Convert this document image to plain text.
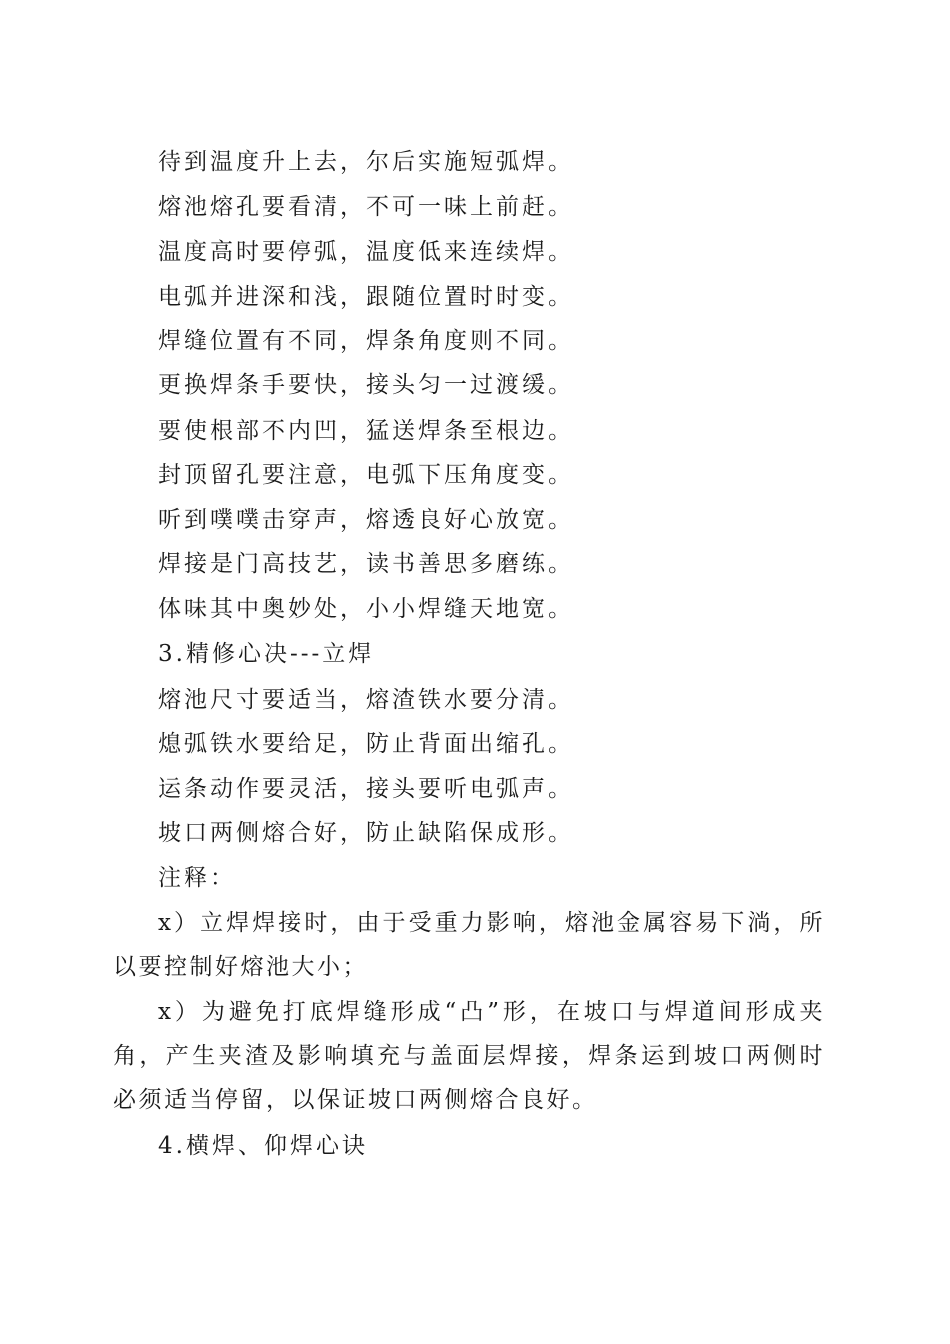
待到温度升上去，尔后实施短弧焊。
熔池熔孔要看清，不可一味上前赶。
温度高时要停弧，温度低来连续焊。
电弧并进深和浅，跟随位置时时变。
焊缝位置有不同，焊条角度则不同。
更换焊条手要快，接头匀一过渡缓。
要使根部不内凹，猛送焊条至根边。
封顶留孔要注意，电弧下压角度变。
听到噗噗击穿声，熔透良好心放宽。
焊接是门高技艺，读书善思多磨练。
体味其中奥妙处，小小焊缝天地宽。
3.精修心决---立焊
熔池尺寸要适当，熔渣铁水要分清。
熄弧铁水要给足，防止背面出缩孔。
运条动作要灵活，接头要听电弧声。
坡口两侧熔合好，防止缺陷保成形。
注释：
x）立焊焊接时，由于受重力影响，熔池金属容易下淌，所以要控制好熔池大小；
x）为避免打底焊缝形成“凸”形，在坡口与焊道间形成夹角，产生夹渣及影响填充与盖面层焊接，焊条运到坡口两侧时必须适当停留，以保证坡口两侧熔合良好。
4.横焊、仰焊心诀
